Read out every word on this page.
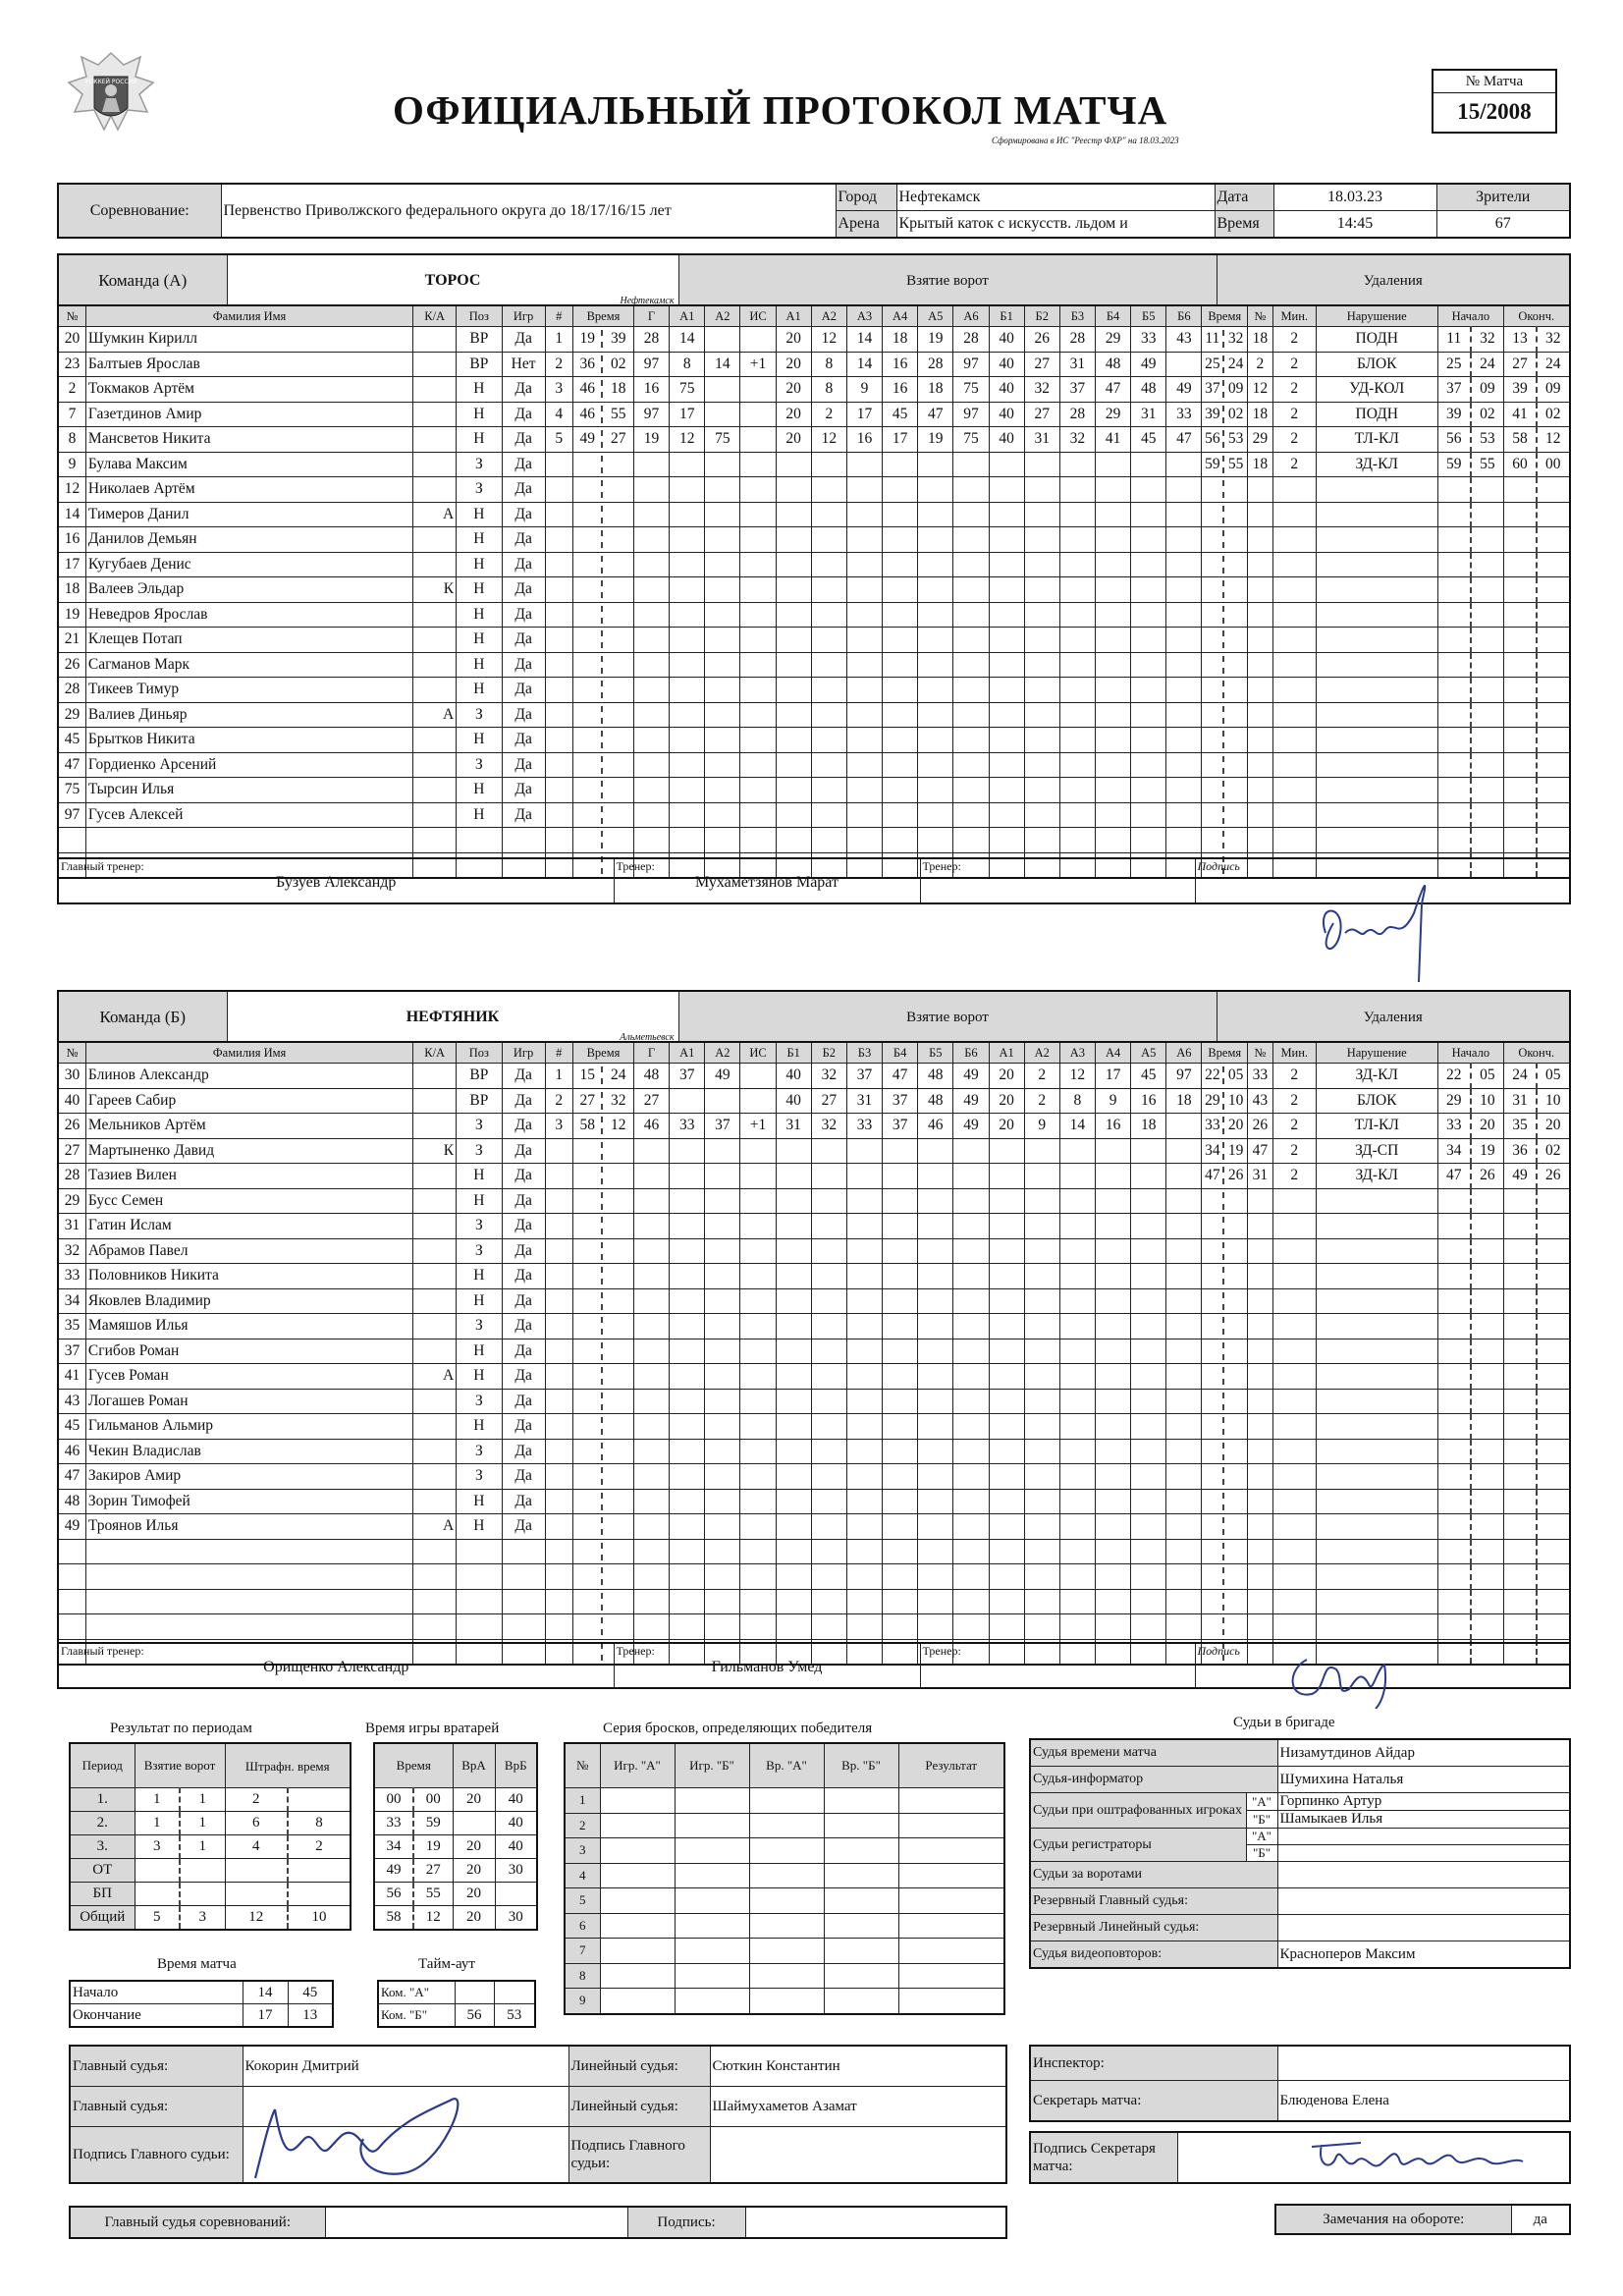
ХОККЕЙ РОССИИ
ОФИЦИАЛЬНЫЙ ПРОТОКОЛ МАТЧА
Сформирована в ИС "Реестр ФХР" на 18.03.2023
№ Матча
15/2008
Соревнование:	Первенство Приволжского федерального округа до 18/17/16/15 лет	Город	Нефтекамск	Дата	18.03.23	Зрители
		Арена	Крытый каток с искусств. льдом и	Время	14:45	67
Команда (А)	ТОРОС
Нефтекамск
	Взятие ворот	Удаления
№	Фамилия Имя	К/А	Поз	Игр	#	Время	Г	А1	А2	ИС	А1	А2	А3	А4	А5	А6	Б1	Б2	Б3	Б4	Б5	Б6	Время	№	Мин.	Нарушение	Начало		Оконч.	
20	Шумкин Кирилл		ВР	Да	1	19 39	28	14			20	12	14	18	19	28	40	26	28	29	33	43	11 32	18	2	ПОДН	11	32	13	32
23	Балтыев Ярослав		ВР	Нет	2	36 02	97	8	14	+1	20	8	14	16	28	97	40	27	31	48	49		25 24	2	2	БЛОК	25	24	27	24
2	Токмаков Артём		Н	Да	3	46 18	16	75			20	8	9	16	18	75	40	32	37	47	48	49	37 09	12	2	УД-КОЛ	37	09	39	09
7	Газетдинов Амир		Н	Да	4	46 55	97	17			20	2	17	45	47	97	40	27	28	29	31	33	39 02	18	2	ПОДН	39	02	41	02
8	Мансветов Никита		Н	Да	5	49 27	19	12	75		20	12	16	17	19	75	40	31	32	41	45	47	56 53	29	2	ТЛ-КЛ	56	53	58	12
9	Булава Максим		З	Да																			59 55	18	2	ЗД-КЛ	59	55	60	00
12	Николаев Артём		З	Да																										
14	Тимеров Данил	А	Н	Да																										
16	Данилов Демьян		Н	Да																										
17	Кугубаев Денис		Н	Да																										
18	Валеев Эльдар	К	Н	Да																										
19	Неведров Ярослав		Н	Да																										
21	Клещев Потап		Н	Да																										
26	Сагманов Марк		Н	Да																										
28	Тикеев Тимур		Н	Да																										
29	Валиев Диньяр	А	З	Да																										
45	Брытков Никита		Н	Да																										
47	Гордиенко Арсений		З	Да																										
75	Тырсин Илья		Н	Да																										
97	Гусев Алексей		Н	Да																										

Главный тренер:
Бузуев Александр

Тренер:
Мухаметзянов Марат

Тренер:	Подпись
Команда (Б)	НЕФТЯНИК
Альметьевск
	Взятие ворот	Удаления
№	Фамилия Имя	К/А	Поз	Игр	#	Время	Г	А1	А2	ИС	Б1	Б2	Б3	Б4	Б5	Б6	А1	А2	А3	А4	А5	А6	Время	№	Мин.	Нарушение	Начало		Оконч.	
30	Блинов Александр		ВР	Да	1	15 24	48	37	49		40	32	37	47	48	49	20	2	12	17	45	97	22 05	33	2	ЗД-КЛ	22	05	24	05
40	Гареев Сабир		ВР	Да	2	27 32	27				40	27	31	37	48	49	20	2	8	9	16	18	29 10	43	2	БЛОК	29	10	31	10
26	Мельников Артём		З	Да	3	58 12	46	33	37	+1	31	32	33	37	46	49	20	9	14	16	18		33 20	26	2	ТЛ-КЛ	33	20	35	20
27	Мартыненко Давид	К	З	Да																			34 19	47	2	ЗД-СП	34	19	36	02
28	Тазиев Вилен		Н	Да																			47 26	31	2	ЗД-КЛ	47	26	49	26
29	Бусс Семен		Н	Да																										
31	Гатин Ислам		З	Да																										
32	Абрамов Павел		З	Да																										
33	Половников Никита		Н	Да																										
34	Яковлев Владимир		Н	Да																										
35	Мамяшов Илья		З	Да																										
37	Сгибов Роман		Н	Да																										
41	Гусев Роман	А	Н	Да																										
43	Логашев Роман		З	Да																										
45	Гильманов Альмир		Н	Да																										
46	Чекин Владислав		З	Да																										
47	Закиров Амир		З	Да																										
48	Зорин Тимофей		Н	Да																										
49	Троянов Илья	А	Н	Да																										

Главный тренер:
Орищенко Александр

Тренер:
Гильманов Умед

Тренер:	Подпись
Результат по периодам
Период	Взятие ворот		Штрафн. время	
1.	1	1	2	
2.	1	1	6	8
3.	3	1	4	2
ОТ				
БП				
Общий	5	3	12	10
Время матча
Начало	14	45
Окончание	17	13
Время игры вратарей
Время		ВрА	ВрБ
00	00	20	40
33	59		40
34	19	20	40
49	27	20	30
56	55	20	
58	12	20	30
Тайм-аут
Ком. "А"		
Ком. "Б"	56	53
Серия бросков, определяющих победителя
№	Игр. "А"	Игр. "Б"	Вр. "А"	Вр. "Б"	Результат
1					
2					
3					
4					
5					
6					
7					
8					
9					
Судьи в бригаде
Судья времени матча		Низамутдинов Айдар
Судья-информатор		Шумихина Наталья
Судьи при оштрафованных игроках	"А"	Горпинко Артур
	"Б"	Шамыкаев Илья
Судьи регистраторы	"А"	
	"Б"	
Судьи за воротами		
Резервный Главный судья:		
Резервный Линейный судья:		
Судья видеоповторов:		Красноперов Максим
Главный судья:	Кокорин Дмитрий	Линейный судья:	Сюткин Константин
Главный судья:		Линейный судья:	Шаймухаметов Азамат
Подпись Главного судьи:		Подпись Главного судьи:	
Главный судья соревнований:		Подпись:	
Инспектор:	
Секретарь матча:	Блюденова Елена
Подпись Секретаря матча:	
Замечания на обороте:	да
